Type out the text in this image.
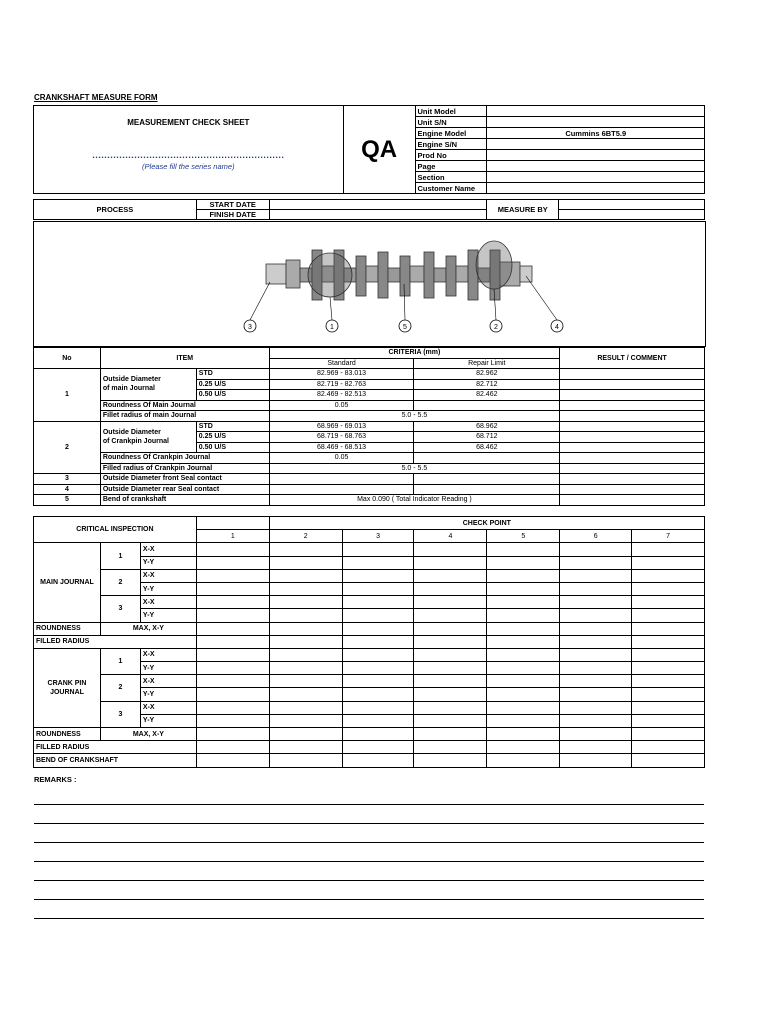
CRANKSHAFT MEASURE FORM
MEASUREMENT CHECK SHEET
................................................................
(Please fill the series name)	QA	Unit Model	
		Unit S/N	
		Engine Model	Cummins 6BT5.9
		Engine S/N	
		Prod No	
		Page	
		Section	
		Customer Name	
PROCESS	START DATE		MEASURE BY	
	FINISH DATE			
3	1	5	2	4
No	ITEM		CRITERIA (mm)		RESULT / COMMENT
			Standard	Repair Limit	
1	Outside Diameter
of main Journal	STD	82.969 - 83.013	82.962	
		0.25 U/S	82.719 - 82.763	82.712	
		0.50 U/S	82.469 - 82.513	82.462	
	Roundness Of Main Journal		0.05		
	Fillet radius of main Journal		5.0 - 5.5		
2	Outside Diameter
of Crankpin Journal	STD	68.969 - 69.013	68.962	
		0.25 U/S	68.719 - 68.763	68.712	
		0.50 U/S	68.469 - 68.513	68.462	
	Roundness Of Crankpin Journal		0.05		
	Filled radius of Crankpin Journal		5.0 - 5.5		
3	Outside Diameter front Seal contact				
4	Outside Diameter rear Seal contact				
5	Bend of crankshaft		Max 0.090 ( Total Indicator Reading )		
CRITICAL INSPECTION				CHECK POINT					
			1	2	3	4	5	6	7
MAIN JOURNAL	1	X-X							
		Y-Y							
	2	X-X							
		Y-Y							
	3	X-X							
		Y-Y							
ROUNDNESS	MAX, X-Y								
FILLED RADIUS									
CRANK PIN
JOURNAL	1	X-X							
		Y-Y							
	2	X-X							
		Y-Y							
	3	X-X							
		Y-Y							
ROUNDNESS	MAX, X-Y								
FILLED RADIUS									
BEND OF CRANKSHAFT									
REMARKS :
